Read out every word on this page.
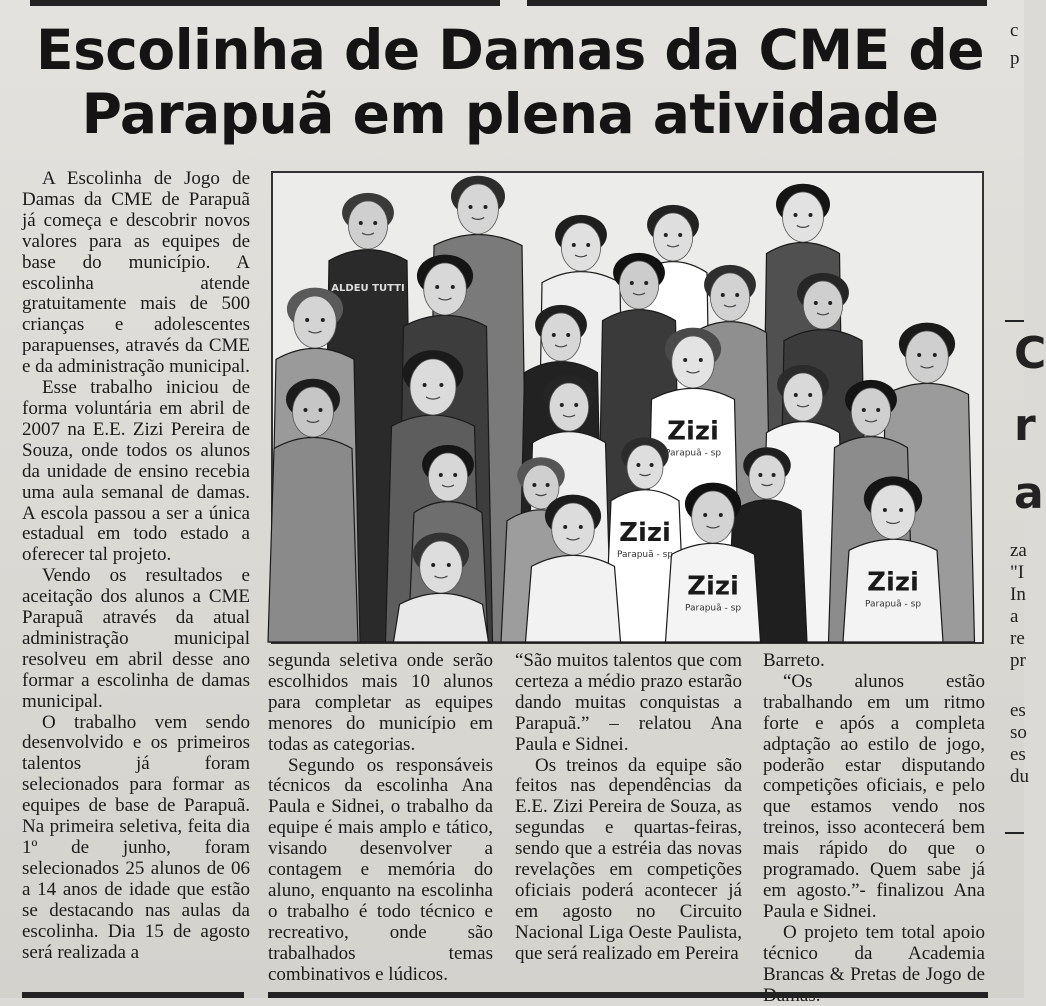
Escolinha de Damas da CME de Parapuã em plena atividade

A Escolinha de Jogo de Damas da CME de Parapuã já começa e descobrir novos valores para as equipes de base do município. A escolinha atende gratuitamente mais de 500 crianças e adolescentes parapuenses, através da CME e da administração municipal.

Esse trabalho iniciou de forma voluntária em abril de 2007 na E.E. Zizi Pereira de Souza, onde todos os alunos da unidade de ensino recebia uma aula semanal de damas. A escola passou a ser a única estadual em todo estado a oferecer tal projeto.

Vendo os resultados e aceitação dos alunos a CME Parapuã através da atual administração municipal resolveu em abril desse ano formar a escolinha de damas municipal.

O trabalho vem sendo desenvolvido e os primeiros talentos já foram selecionados para formar as equipes de base de Parapuã. Na primeira seletiva, feita dia 1º de junho, foram selecionados 25 alunos de 06 a 14 anos de idade que estão se destacando nas aulas da escolinha. Dia 15 de agosto será realizada a

Zizi
Parapuã - sp
Zizi
Parapuã - sp
Zizi
Parapuã - sp
Zizi
Parapuã - sp
ALDEU TUTTI

segunda seletiva onde serão escolhidos mais 10 alunos para completar as equipes menores do município em todas as categorias.

Segundo os responsáveis técnicos da escolinha Ana Paula e Sidnei, o trabalho da equipe é mais amplo e tático, visando desenvolver a contagem e memória do aluno, enquanto na escolinha o trabalho é todo técnico e recreativo, onde são trabalhados temas combinativos e lúdicos.

“São muitos talentos que com certeza a médio prazo estarão dando muitas conquistas a Parapuã.” – relatou Ana Paula e Sidnei.

Os treinos da equipe são feitos nas dependências da E.E. Zizi Pereira de Souza, as segundas e quartas-feiras, sendo que a estréia das novas revelações em competições oficiais poderá acontecer já em agosto no Circuito Nacional Liga Oeste Paulista, que será realizado em Pereira

Barreto.

“Os alunos estão trabalhando em um ritmo forte e após a completa adptação ao estilo de jogo, poderão estar disputando competições oficiais, e pelo que estamos vendo nos treinos, isso acontecerá bem mais rápido do que o programado. Quem sabe já em agosto.”- finalizou Ana Paula e Sidnei.

O projeto tem total apoio técnico da Academia Brancas & Pretas de Jogo de

c
p
C
r
a
za
"I
In
a
re
pr
es
so
es
du
